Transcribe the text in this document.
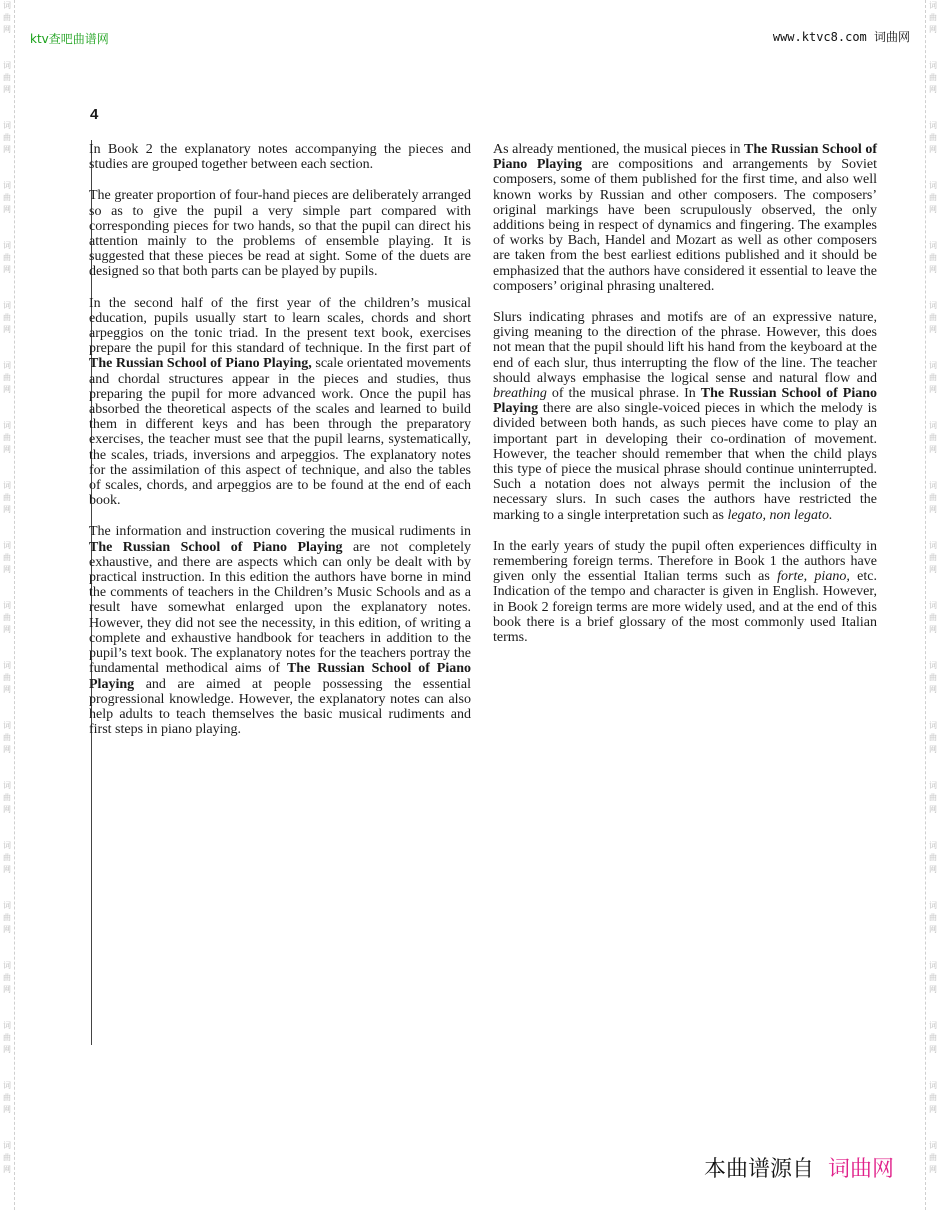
词
曲
网
词
曲
网
词
曲
网
词
曲
网
词
曲
网
词
曲
网
词
曲
网
词
曲
网
词
曲
网
词
曲
网
词
曲
网
词
曲
网
词
曲
网
词
曲
网
词
曲
网
词
曲
网
词
曲
网
词
曲
网
词
曲
网
词
曲
网
词
曲
网
词
曲
网
词
曲
网
词
曲
网
词
曲
网
词
曲
网
词
曲
网
词
曲
网
词
曲
网
词
曲
网
词
曲
网
词
曲
网
词
曲
网
词
曲
网
词
曲
网
词
曲
网
词
曲
网
词
曲
网
词
曲
网
词
曲
网
ktv查吧曲谱网	www.ktvc8.com 词曲网
4

In Book 2 the explanatory notes accompanying the pieces and studies are grouped together between each section.

The greater proportion of four-hand pieces are deliberately arranged so as to give the pupil a very simple part compared with corresponding pieces for two hands, so that the pupil can direct his attention mainly to the problems of ensemble playing. It is suggested that these pieces be read at sight. Some of the duets are designed so that both parts can be played by pupils.

In the second half of the first year of the children’s musical education, pupils usually start to learn scales, chords and short arpeggios on the tonic triad. In the present text book, exercises prepare the pupil for this standard of technique. In the first part of The Russian School of Piano Playing, scale orientated movements and chordal structures appear in the pieces and studies, thus preparing the pupil for more advanced work. Once the pupil has absorbed the theoretical aspects of the scales and learned to build them in different keys and has been through the preparatory exercises, the teacher must see that the pupil learns, systematically, the scales, triads, inversions and arpeggios. The explanatory notes for the assimilation of this aspect of technique, and also the tables of scales, chords, and arpeggios are to be found at the end of each book.

The information and instruction covering the musical rudiments in The Russian School of Piano Playing are not completely exhaustive, and there are aspects which can only be dealt with by practical instruction. In this edition the authors have borne in mind the comments of teachers in the Children’s Music Schools and as a result have somewhat enlarged upon the explanatory notes. However, they did not see the necessity, in this edition, of writing a complete and exhaustive handbook for teachers in addition to the pupil’s text book. The explanatory notes for the teachers portray the fundamental methodical aims of The Russian School of Piano Playing and are aimed at people possessing the essential progressional knowledge. However, the explanatory notes can also help adults to teach themselves the basic musical rudiments and first steps in piano playing.

As already mentioned, the musical pieces in The Russian School of Piano Playing are compositions and arrangements by Soviet composers, some of them published for the first time, and also well known works by Russian and other composers. The composers’ original markings have been scrupulously observed, the only additions being in respect of dynamics and fingering. The examples of works by Bach, Handel and Mozart as well as other composers are taken from the best earliest editions published and it should be emphasized that the authors have considered it essential to leave the composers’ original phrasing unaltered.

Slurs indicating phrases and motifs are of an expressive nature, giving meaning to the direction of the phrase. However, this does not mean that the pupil should lift his hand from the keyboard at the end of each slur, thus interrupting the flow of the line. The teacher should always emphasise the logical sense and natural flow and breathing of the musical phrase. In The Russian School of Piano Playing there are also single-voiced pieces in which the melody is divided between both hands, as such pieces have come to play an important part in developing their co-ordination of movement. However, the teacher should remember that when the child plays this type of piece the musical phrase should continue uninterrupted. Such a notation does not always permit the inclusion of the necessary slurs. In such cases the authors have restricted the marking to a single interpretation such as legato, non legato.

In the early years of study the pupil often experiences difficulty in remembering foreign terms. Therefore in Book 1 the authors have given only the essential Italian terms such as forte, piano, etc. Indication of the tempo and character is given in English. However, in Book 2 foreign terms are more widely used, and at the end of this book there is a brief glossary of the most commonly used Italian terms.

本曲谱源自 词曲网
